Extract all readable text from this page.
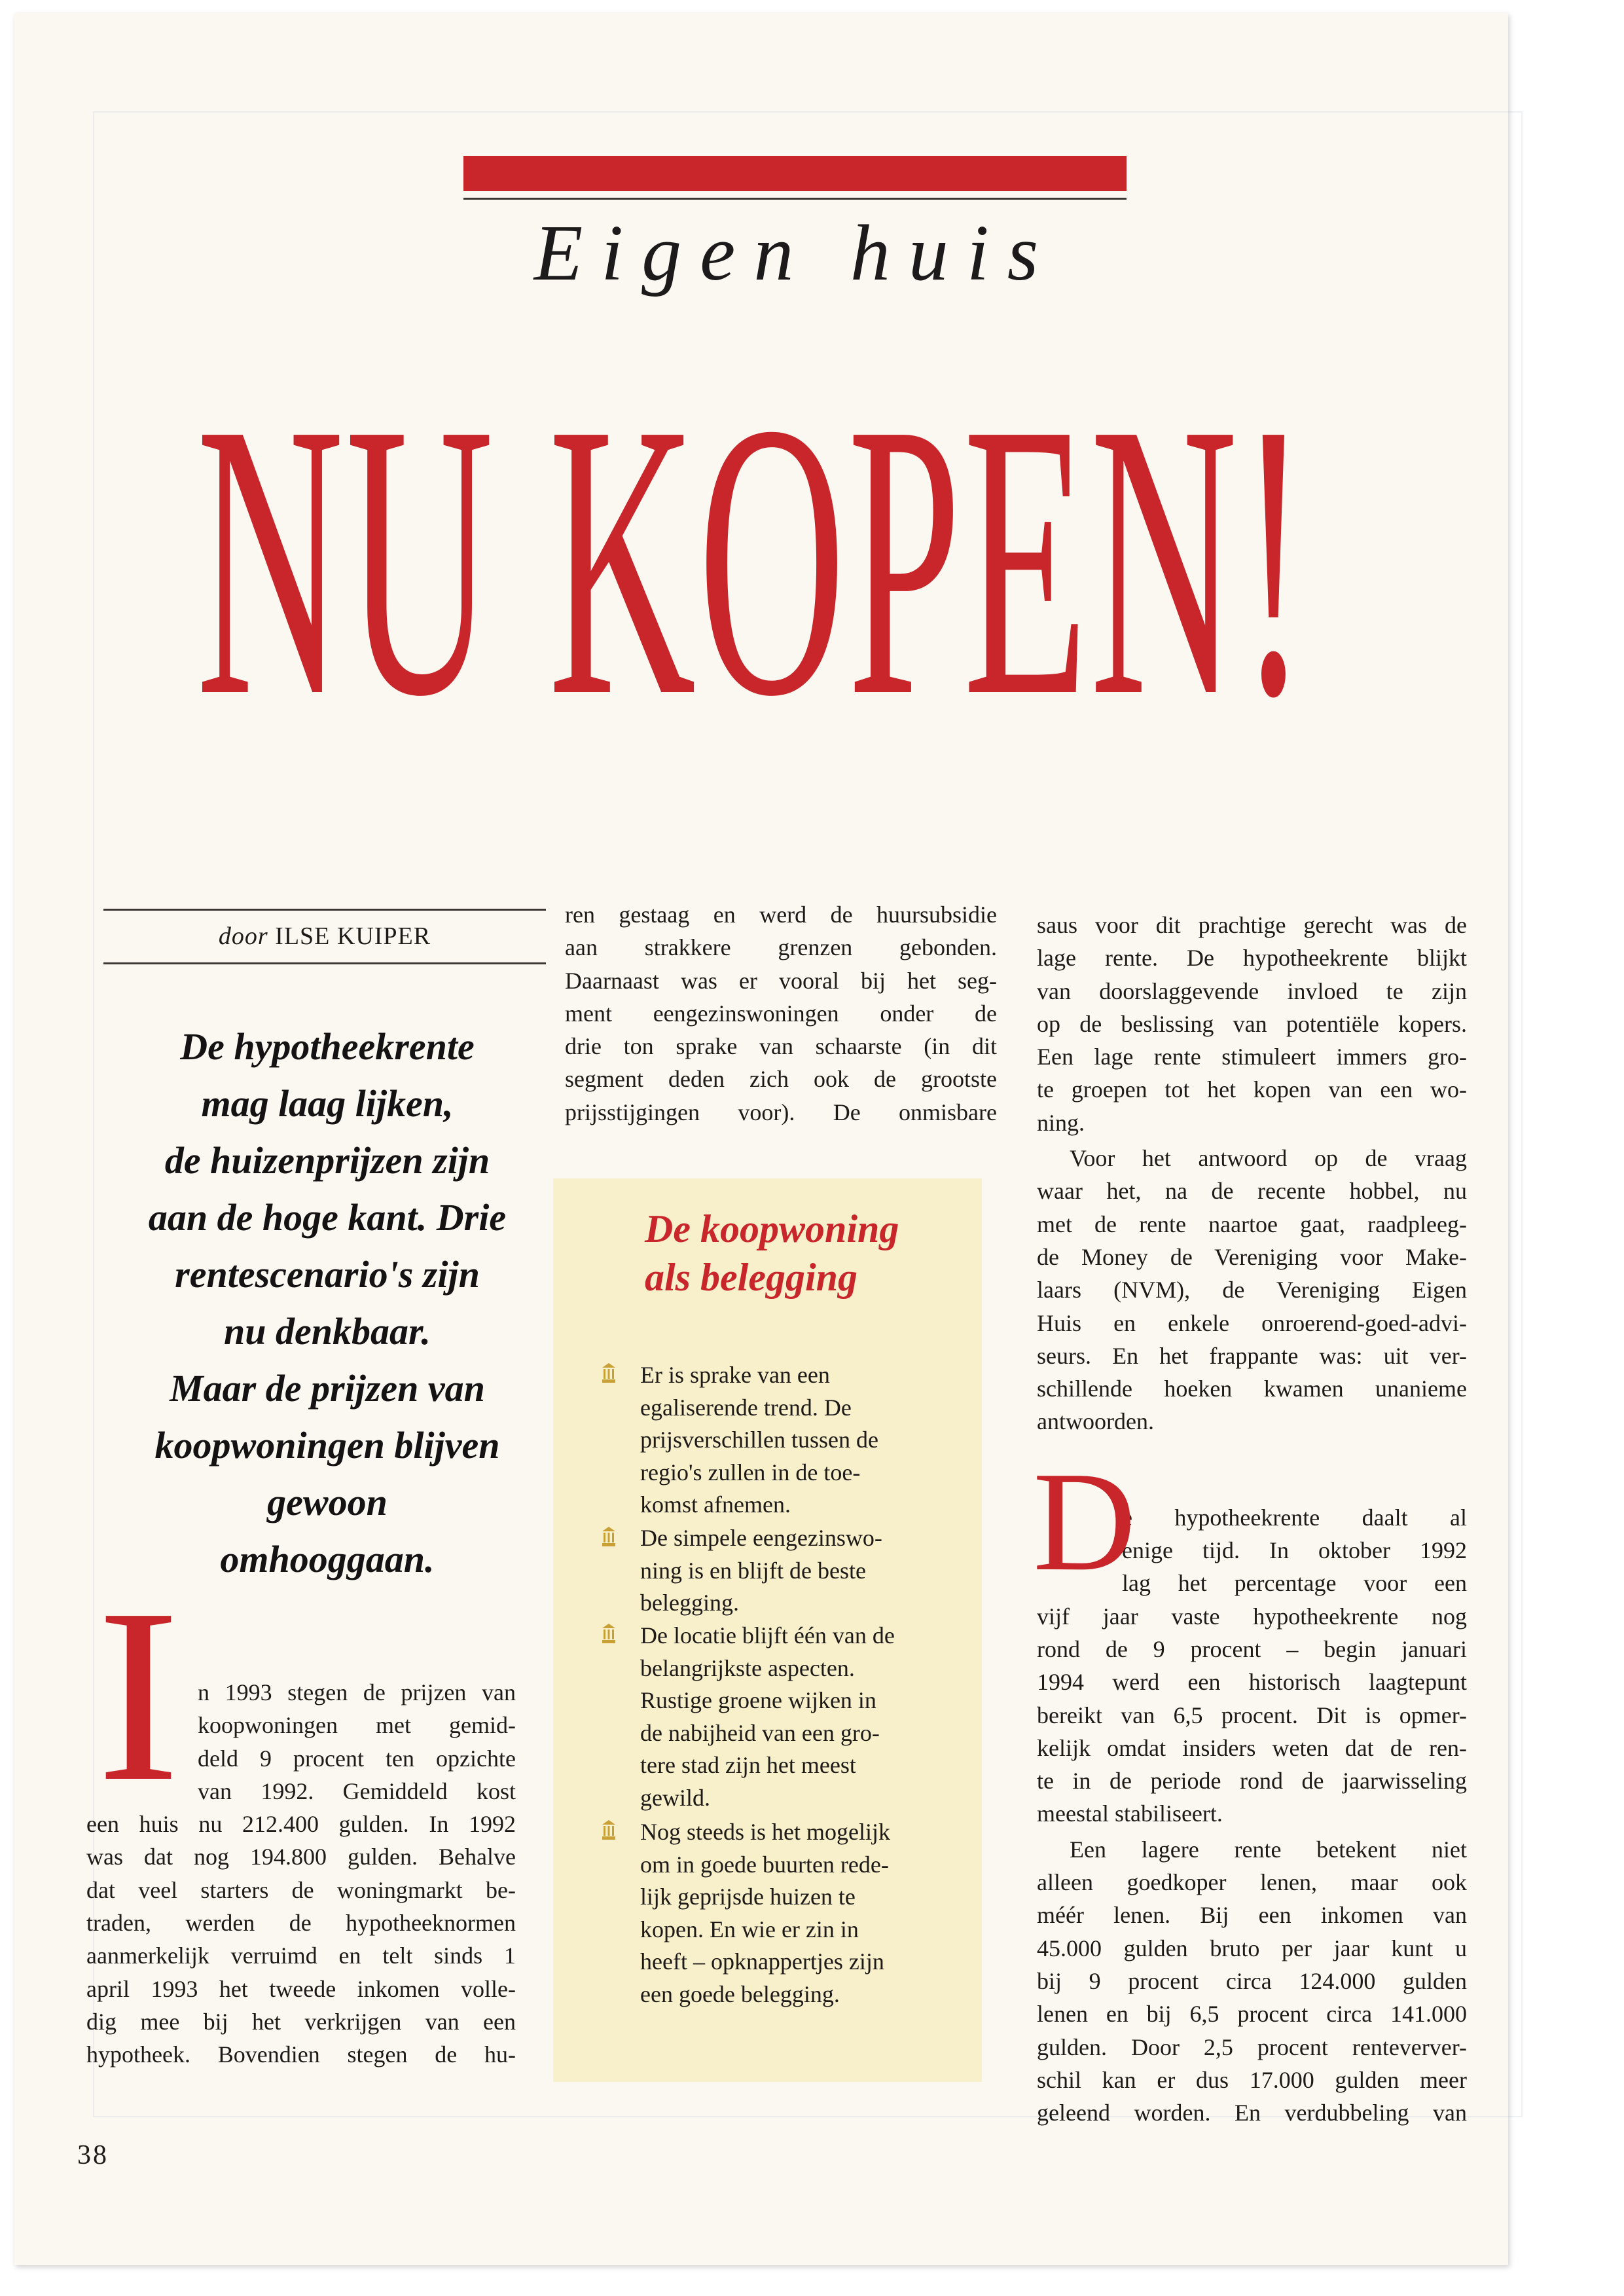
Eigen huis
NU KOPEN!
door ILSE KUIPER
De hypotheekrente
mag laag lijken,
de huizenprijzen zijn
aan de hoge kant. Drie
rentescenario's zijn
nu denkbaar.
Maar de prijzen van
koopwoningen blijven
gewoon
omhooggaan.
I n 1993 stegen de prijzen van
koopwoningen met gemid-
deld 9 procent ten opzichte
van 1992. Gemiddeld kost
een huis nu 212.400 gulden. In 1992
was dat nog 194.800 gulden. Behalve
dat veel starters de woningmarkt be-
traden, werden de hypotheeknormen
aanmerkelijk verruimd en telt sinds 1
april 1993 het tweede inkomen volle-
dig mee bij het verkrijgen van een
hypotheek. Bovendien stegen de hu-
ren gestaag en werd de huursubsidie
aan strakkere grenzen gebonden.
Daarnaast was er vooral bij het seg-
ment eengezinswoningen onder de
drie ton sprake van schaarste (in dit
segment deden zich ook de grootste
prijsstijgingen voor). De onmisbare
De koopwoning
als belegging
Er is sprake van een
egaliserende trend. De
prijsverschillen tussen de
regio's zullen in de toe-
komst afnemen.
De simpele eengezinswo-
ning is en blijft de beste
belegging.
De locatie blijft één van de
belangrijkste aspecten.
Rustige groene wijken in
de nabijheid van een gro-
tere stad zijn het meest
gewild.
Nog steeds is het mogelijk
om in goede buurten rede-
lijk geprijsde huizen te
kopen. En wie er zin in
heeft – opknappertjes zijn
een goede belegging.
saus voor dit prachtige gerecht was de
lage rente. De hypotheekrente blijkt
van doorslaggevende invloed te zijn
op de beslissing van potentiële kopers.
Een lage rente stimuleert immers gro-
te groepen tot het kopen van een wo-
ning.
Voor het antwoord op de vraag
waar het, na de recente hobbel, nu
met de rente naartoe gaat, raadpleeg-
de Money de Vereniging voor Make-
laars (NVM), de Vereniging Eigen
Huis en enkele onroerend-goed-advi-
seurs. En het frappante was: uit ver-
schillende hoeken kwamen unanieme
antwoorden.
e hypotheekrente daalt al
enige tijd. In oktober 1992
lag het percentage voor een
vijf jaar vaste hypotheekrente nog
rond de 9 procent – begin januari
1994 werd een historisch laagtepunt
bereikt van 6,5 procent. Dit is opmer-
kelijk omdat insiders weten dat de ren-
te in de periode rond de jaarwisseling
meestal stabiliseert.
Een lagere rente betekent niet
alleen goedkoper lenen, maar ook
méér lenen. Bij een inkomen van
45.000 gulden bruto per jaar kunt u
bij 9 procent circa 124.000 gulden
lenen en bij 6,5 procent circa 141.000
gulden. Door 2,5 procent renteverver-
schil kan er dus 17.000 gulden meer
geleend worden. En verdubbeling van
D
38
